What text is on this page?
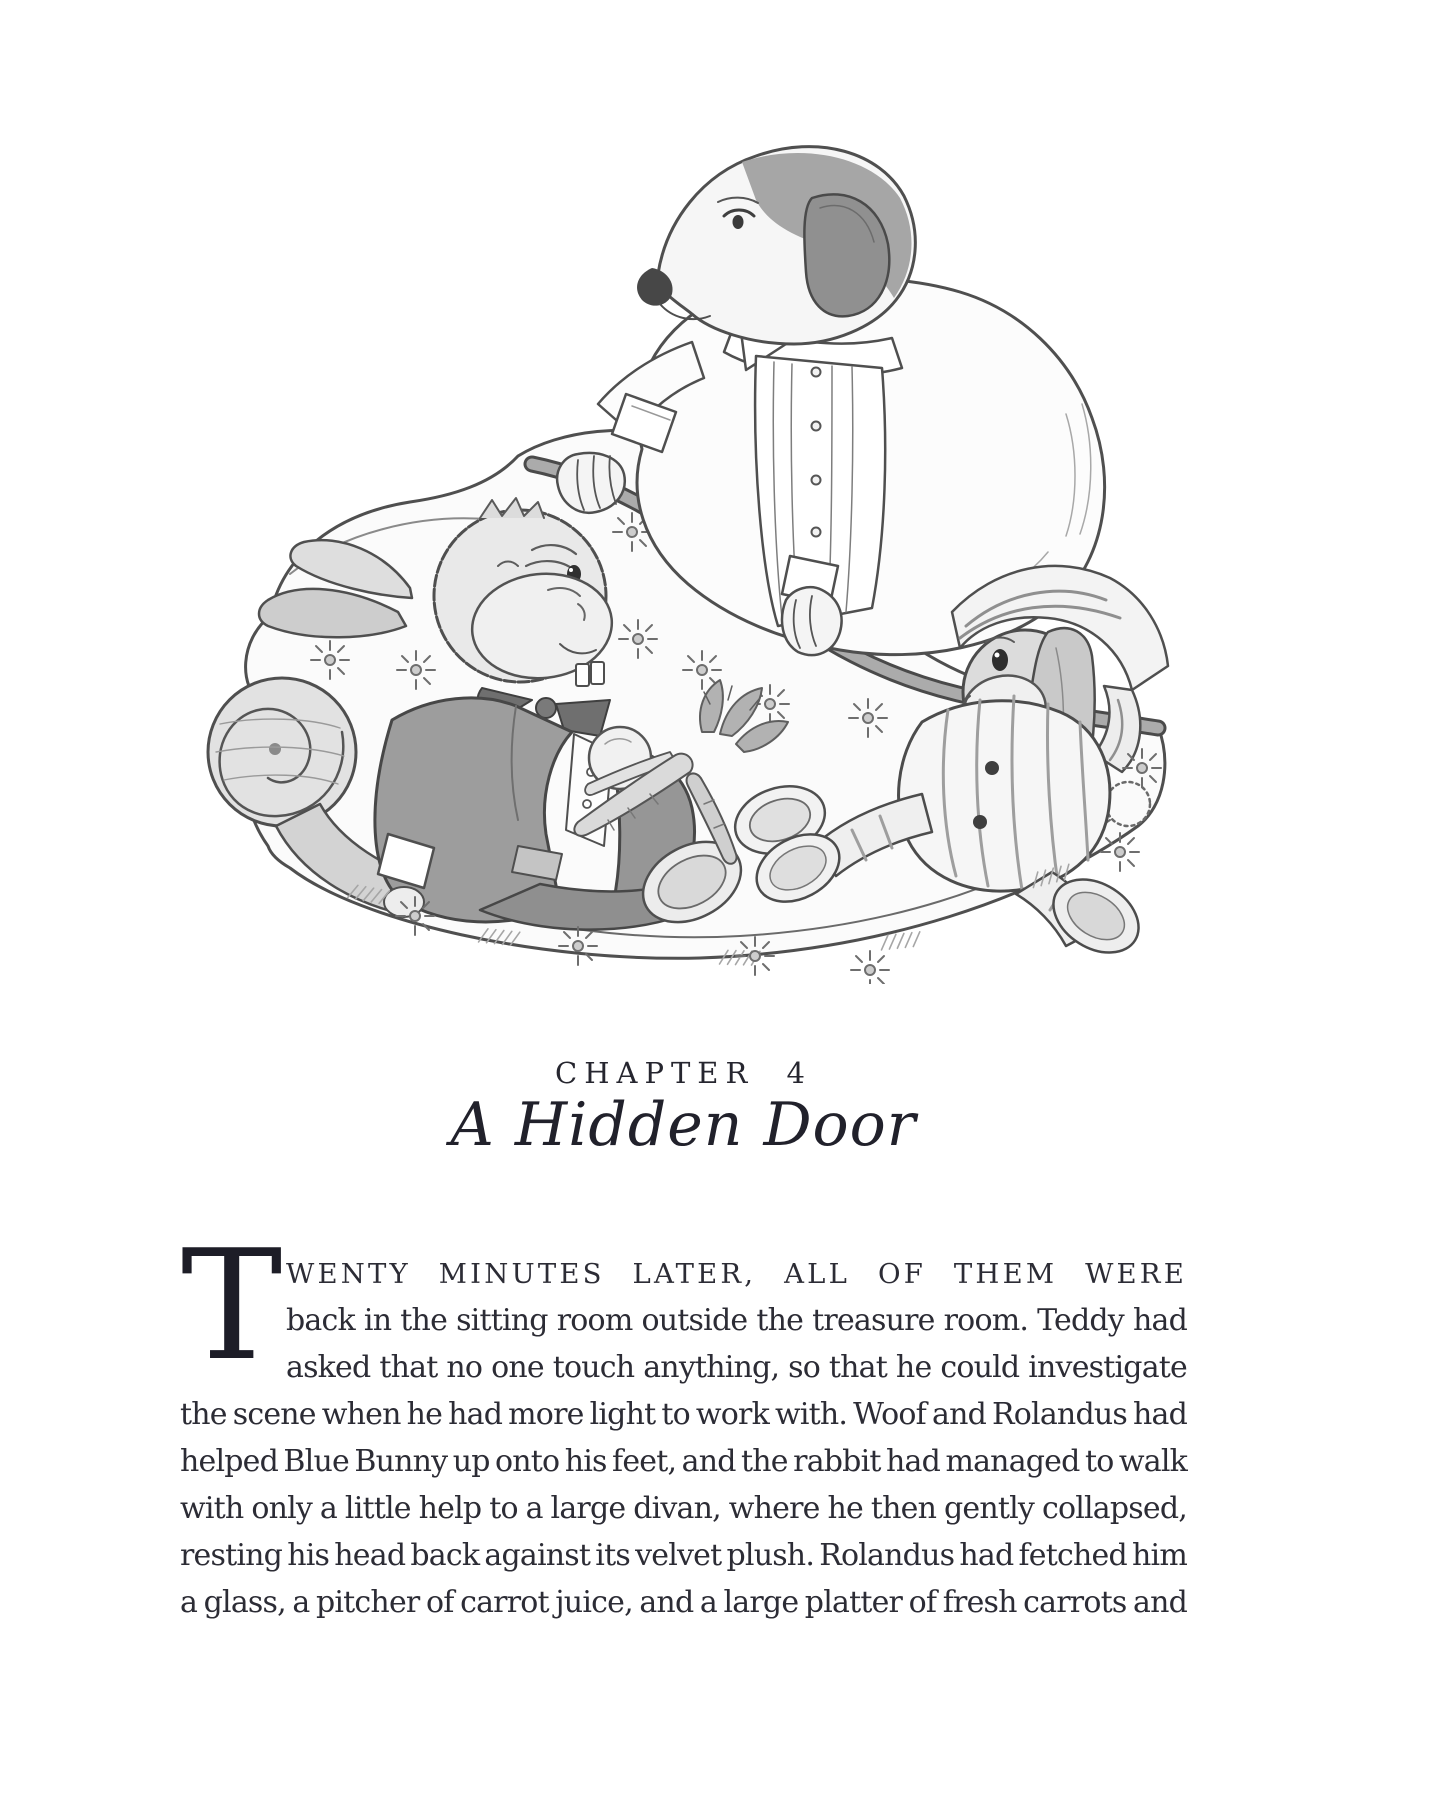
CHAPTER 4
A Hidden Door
T WENTY MINUTES LATER, ALL OF THEM WERE
back in the sitting room outside the treasure room. Teddy had
asked that no one touch anything, so that he could investigate
the scene when he had more light to work with. Woof and Rolandus had
helped Blue Bunny up onto his feet, and the rabbit had managed to walk
with only a little help to a large divan, where he then gently collapsed,
resting his head back against its velvet plush. Rolandus had fetched him
a glass, a pitcher of carrot juice, and a large platter of fresh carrots and
